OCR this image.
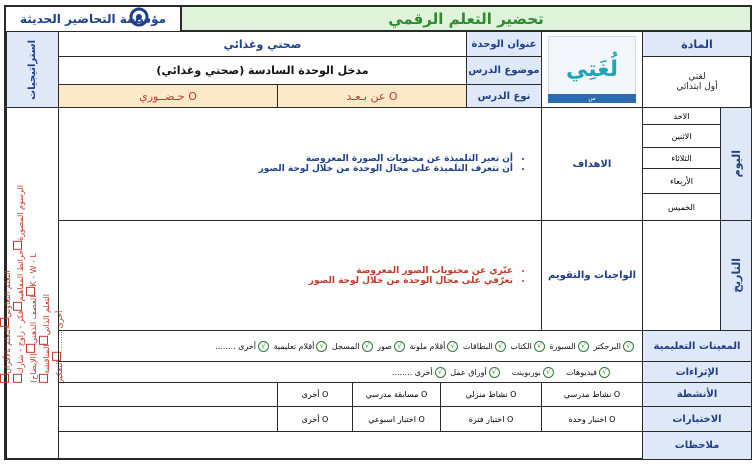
تحضير التعلم الرقمي
مؤسسة التحاضير الحديثة
المادة
لغتي
أول ابتدائي
لُغَتِي
س
عنوان الوحدة
صحتي وغذائي
موضوع الدرس
مدخل الوحدة السادسة (صحتي وغذائي)
نوع الدرس
عن بـعـد O
حـضــوري O
استراتيجيات
اليوم
الاحد
الاثنين
الثلاثاء
الأربعاء
الخميس
التاريخ
الاهداف
• أن تعبر التلميذة عن محتويات الصورة المعروضة
• أن تتعرف التلميذة على مجال الوحدة من خلال لوحة الصور
الواجبات والتقويم
• عبّري عن محتويات الصور المعروضة
• تعرّفي على مجال الوحدة من خلال لوحة الصور
التعلم التعاونيالتعلم بالأقران
الرسوم المصورةخرائط المفاهيمفكر - زاوج - شارك
(الإيضاح)العصف الذهنيK - W - L
التعلم الذاتيالمناقشة
أخرى ........التفكير
المعينات التعليمية
√البرجكتر √السبورة √الكتاب √البطاقات √أقلام ملونة √صور √المسجل √أقلام تعليمية √أخرى ........
الإثراءات
√فيديوهات    √بوربوينت    √أوراق عمل √أخرى ........
الأنشطة
نشاط مدرسي O
نشاط منزلي O
مسابقة مدرسي O
أخرى O
الاختبارات
اختبار وحدة O
اختبار فترة O
اختبار اسبوعي O
أخرى O
ملاحظات
